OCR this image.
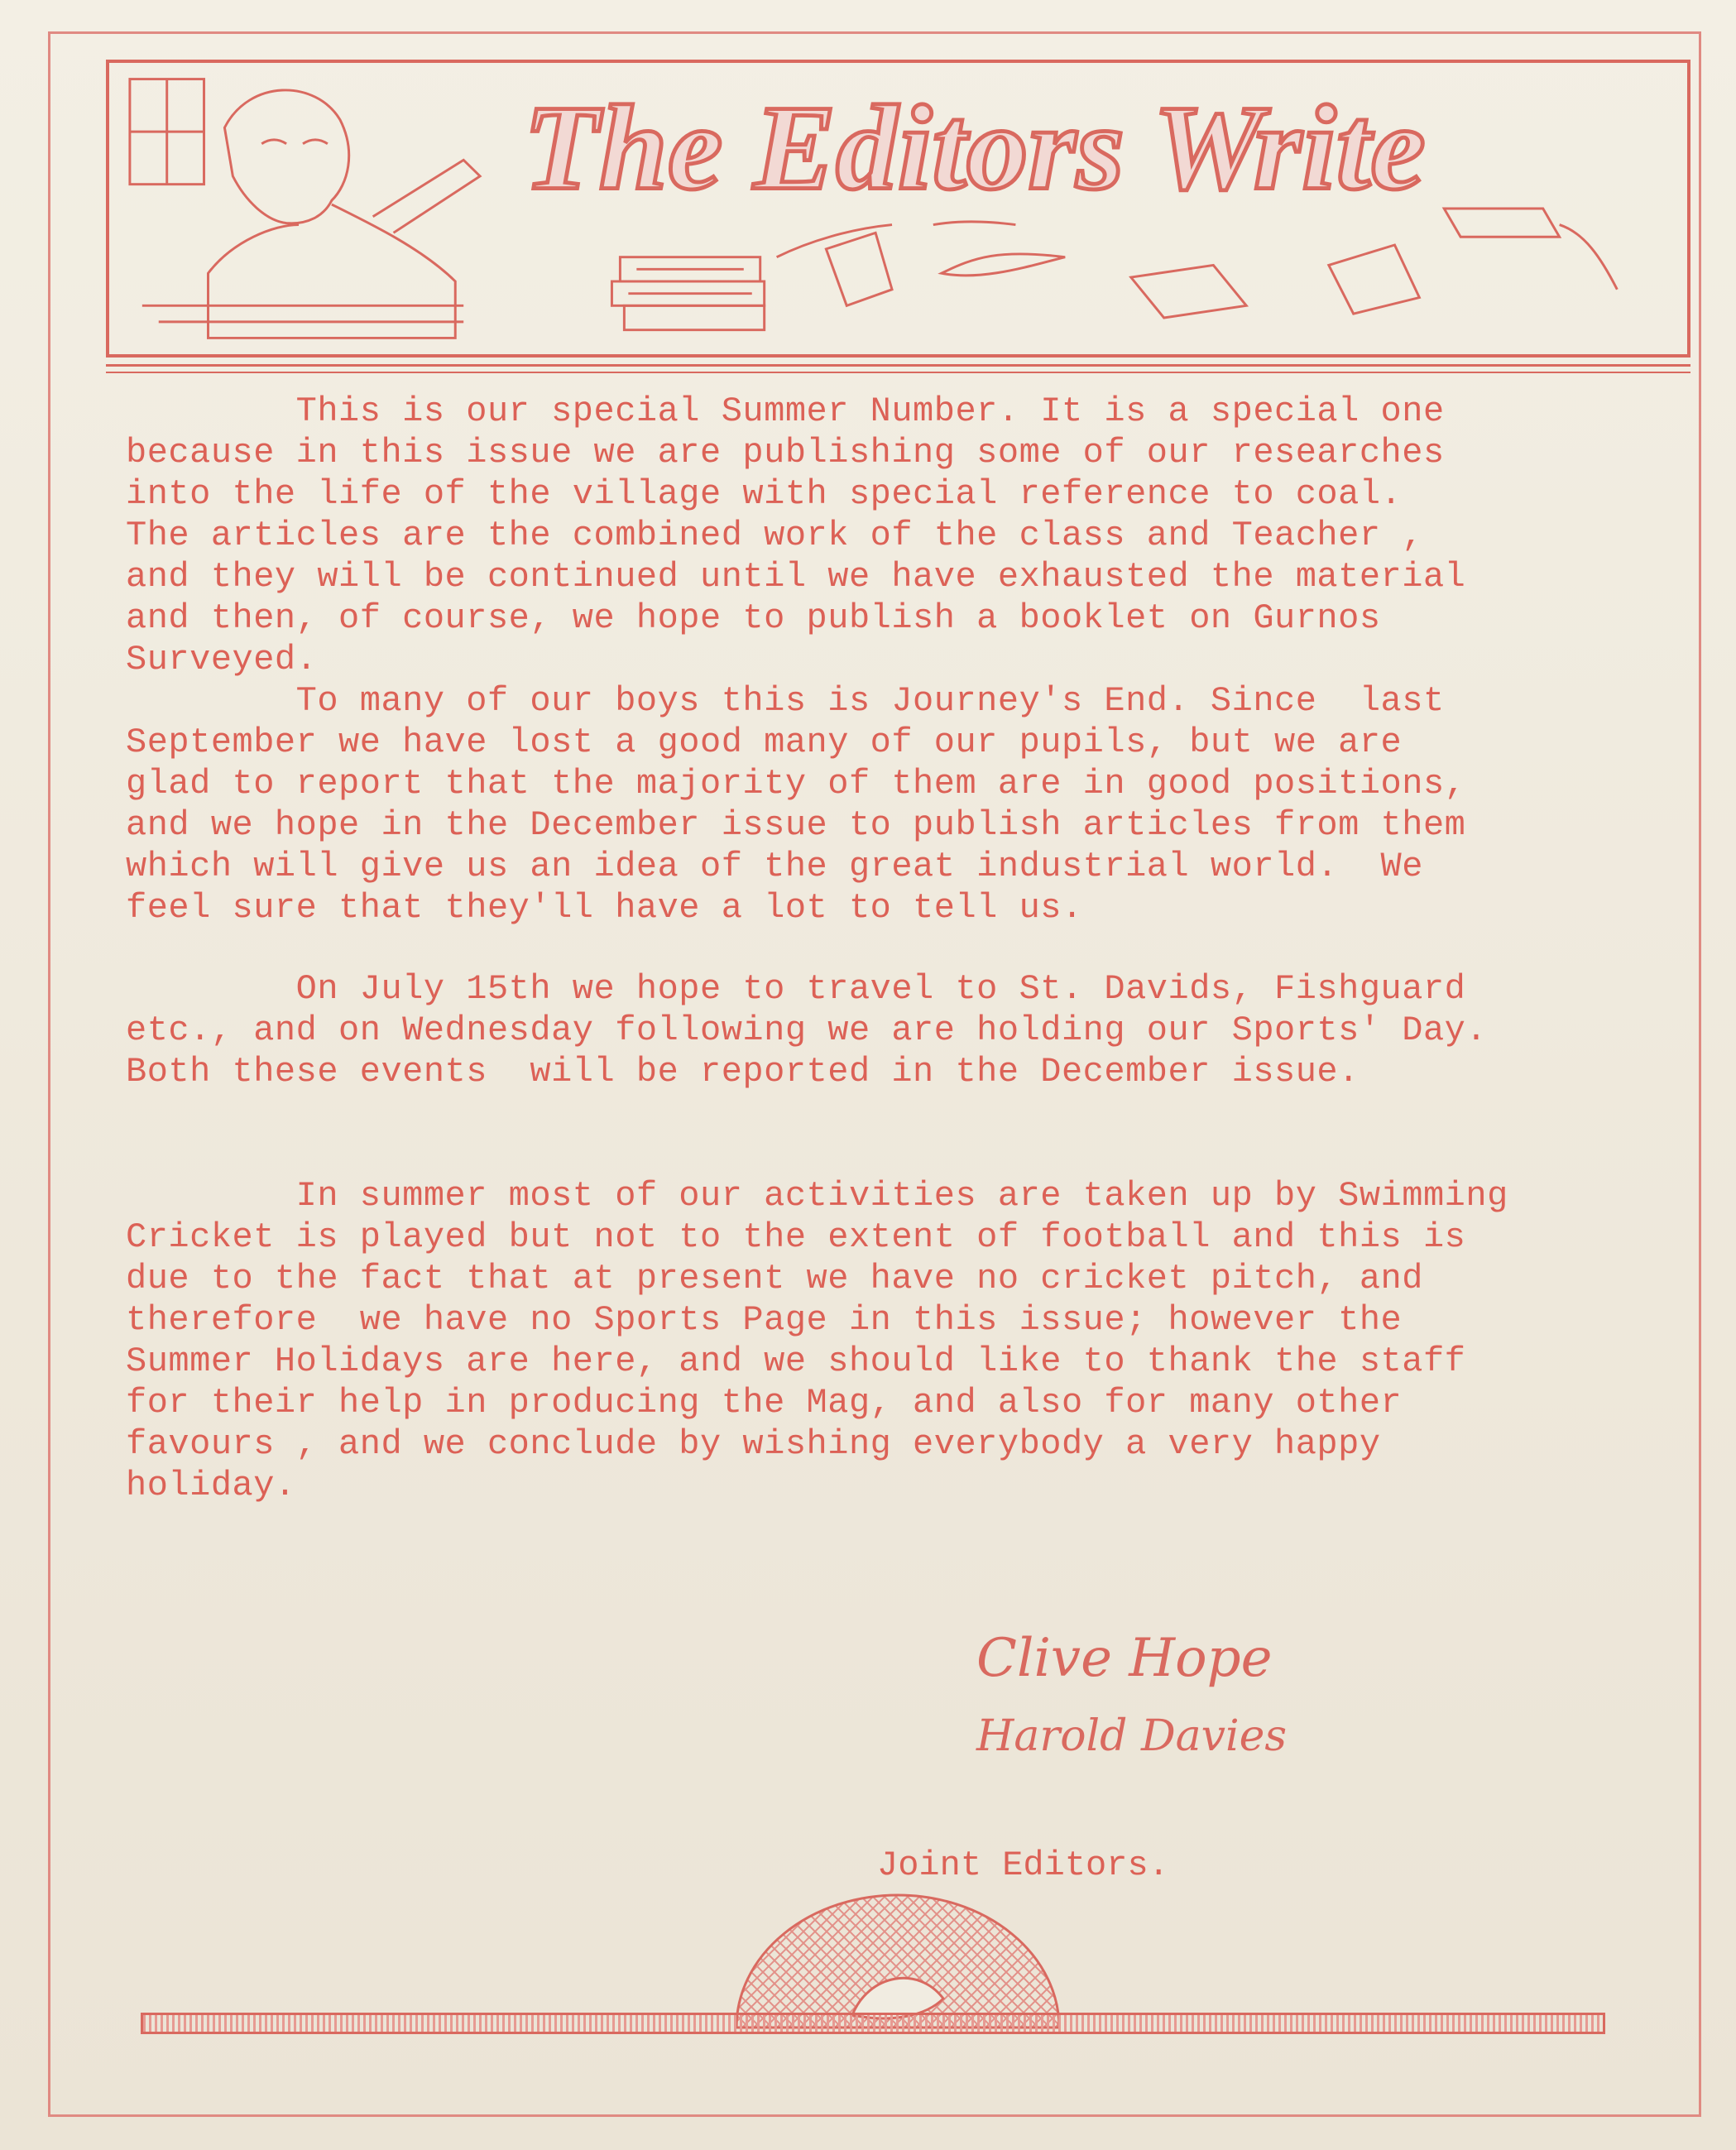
The Editors Write

This is our special Summer Number. It is a special one
because in this issue we are publishing some of our researches
into the life of the village with special reference to coal.
The articles are the combined work of the class and Teacher ,
and they will be continued until we have exhausted the material
and then, of course, we hope to publish a booklet on Gurnos
Surveyed.

To many of our boys this is Journey's End. Since  last
September we have lost a good many of our pupils, but we are
glad to report that the majority of them are in good positions,
and we hope in the December issue to publish articles from them
which will give us an idea of the great industrial world.  We
feel sure that they'll have a lot to tell us.

On July 15th we hope to travel to St. Davids, Fishguard
etc., and on Wednesday following we are holding our Sports' Day.
Both these events  will be reported in the December issue.

In summer most of our activities are taken up by Swimming
Cricket is played but not to the extent of football and this is
due to the fact that at present we have no cricket pitch, and
therefore  we have no Sports Page in this issue; however the
Summer Holidays are here, and we should like to thank the staff
for their help in producing the Mag, and also for many other
favours , and we conclude by wishing everybody a very happy
holiday.

Clive Hope
Harold Davies
Joint Editors.
